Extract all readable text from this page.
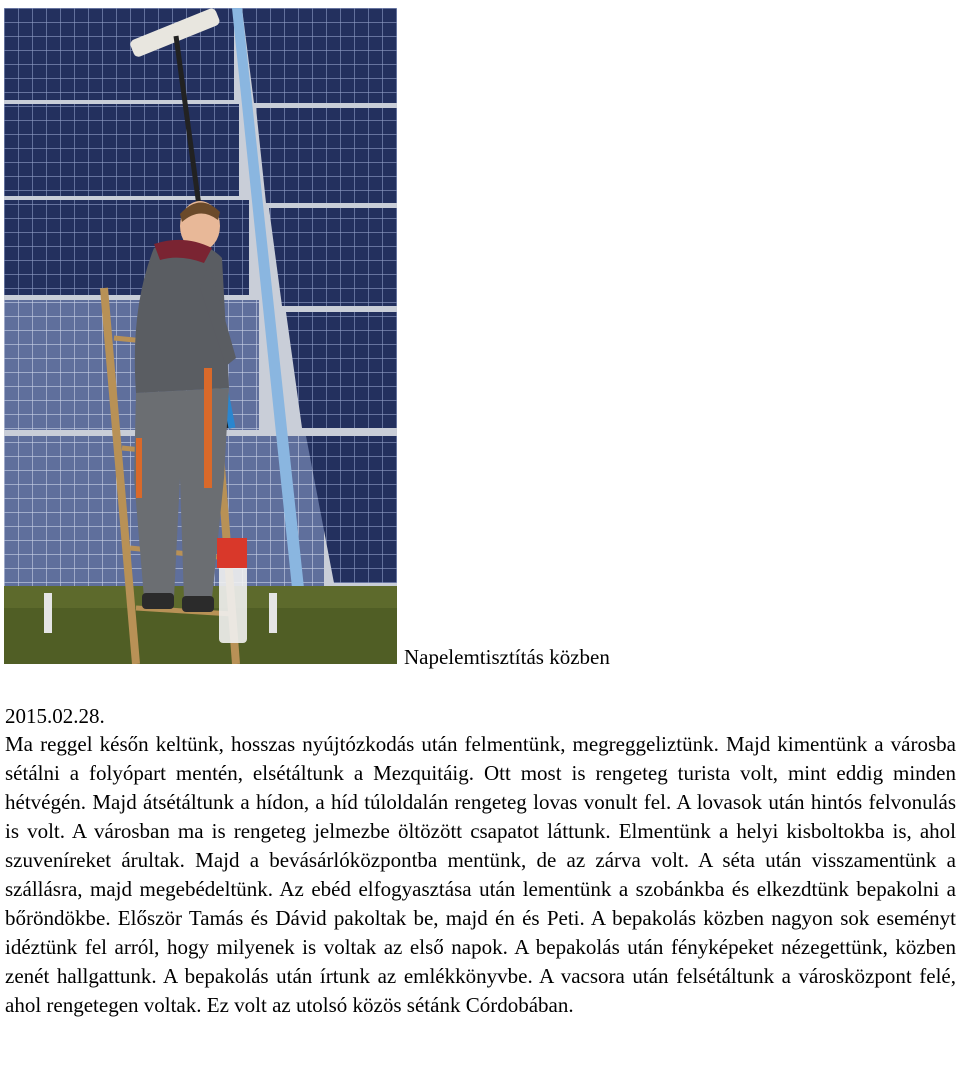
Napelemtisztítás közben
2015.02.28.

Ma reggel későn keltünk, hosszas nyújtózkodás után felmentünk, megreggeliztünk. Majd kimentünk a városba sétálni a folyópart mentén, elsétáltunk a Mezquitáig. Ott most is rengeteg turista volt, mint eddig minden hétvégén. Majd átsétáltunk a hídon, a híd túloldalán rengeteg lovas vonult fel. A lovasok után hintós felvonulás is volt. A városban ma is rengeteg jelmezbe öltözött csapatot láttunk. Elmentünk a helyi kisboltokba is, ahol szuveníreket árultak. Majd a bevásárlóközpontba mentünk, de az zárva volt. A séta után visszamentünk a szállásra, majd megebédeltünk. Az ebéd elfogyasztása után lementünk a szobánkba és elkezdtünk bepakolni a bőröndökbe. Először Tamás és Dávid pakoltak be, majd én és Peti. A bepakolás közben nagyon sok eseményt idéztünk fel arról, hogy milyenek is voltak az első napok. A bepakolás után fényképeket nézegettünk, közben zenét hallgattunk. A bepakolás után írtunk az emlékkönyvbe. A vacsora után felsétáltunk a városközpont felé, ahol rengetegen voltak. Ez volt az utolsó közös sétánk Córdobában.
